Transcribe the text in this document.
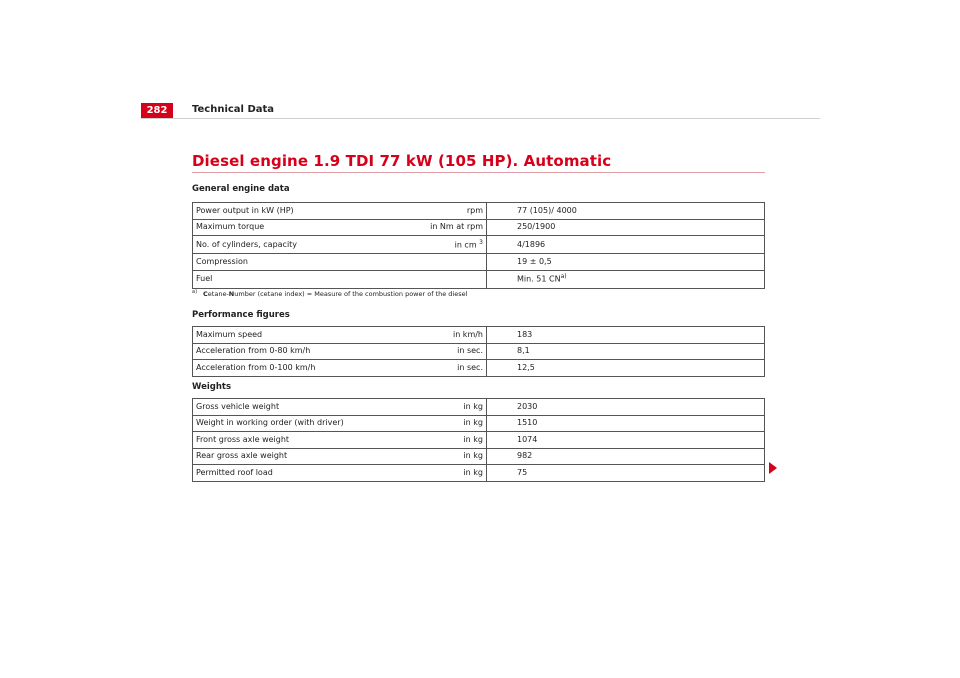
282	Technical Data
Diesel engine 1.9 TDI 77 kW (105 HP). Automatic
General engine data
Power output in kW (HP)	rpm	77 (105)/ 4000
Maximum torque	in Nm at rpm	250/1900
No. of cylinders, capacity	in cm $^3$	4/1896
Compression		19 ± 0,5
Fuel		Min. 51 CN$^{a)}$
$^{a)}$ Cetane-Number (cetane index) = Measure of the combustion power of the diesel
Performance figures
Maximum speed	in km/h	183
Acceleration from 0-80 km/h	in sec.	8,1
Acceleration from 0-100 km/h	in sec.	12,5
Weights
Gross vehicle weight	in kg	2030
Weight in working order (with driver)	in kg	1510
Front gross axle weight	in kg	1074
Rear gross axle weight	in kg	982
Permitted roof load	in kg	75
